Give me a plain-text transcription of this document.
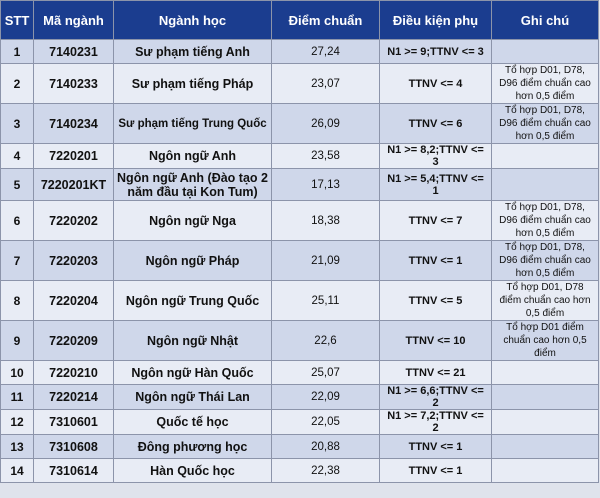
STT	Mã ngành	Ngành học	Điểm chuẩn	Điều kiện phụ	Ghi chú
1	7140231	Sư phạm tiếng Anh	27,24	N1 >= 9;TTNV <= 3	
2	7140233	Sư phạm tiếng Pháp	23,07	TTNV <= 4	Tổ hợp D01, D78, D96 điểm chuẩn cao hơn 0,5 điểm
3	7140234	Sư phạm tiếng Trung Quốc	26,09	TTNV <= 6	Tổ hợp D01, D78, D96 điểm chuẩn cao hơn 0,5 điểm
4	7220201	Ngôn ngữ Anh	23,58	N1 >= 8,2;TTNV <= 3	
5	7220201KT	Ngôn ngữ Anh (Đào tạo 2 năm đầu tại Kon Tum)	17,13	N1 >= 5,4;TTNV <= 1	
6	7220202	Ngôn ngữ Nga	18,38	TTNV <= 7	Tổ hợp D01, D78, D96 điểm chuẩn cao hơn 0,5 điểm
7	7220203	Ngôn ngữ Pháp	21,09	TTNV <= 1	Tổ hợp D01, D78, D96 điểm chuẩn cao hơn 0,5 điểm
8	7220204	Ngôn ngữ Trung Quốc	25,11	TTNV <= 5	Tổ hợp D01, D78 điểm chuẩn cao hơn 0,5 điểm
9	7220209	Ngôn ngữ Nhật	22,6	TTNV <= 10	Tổ hợp D01 điểm chuẩn cao hơn 0,5 điểm
10	7220210	Ngôn ngữ Hàn Quốc	25,07	TTNV <= 21	
11	7220214	Ngôn ngữ Thái Lan	22,09	N1 >= 6,6;TTNV <= 2	
12	7310601	Quốc tế học	22,05	N1 >= 7,2;TTNV <= 2	
13	7310608	Đông phương học	20,88	TTNV <= 1	
14	7310614	Hàn Quốc học	22,38	TTNV <= 1	
